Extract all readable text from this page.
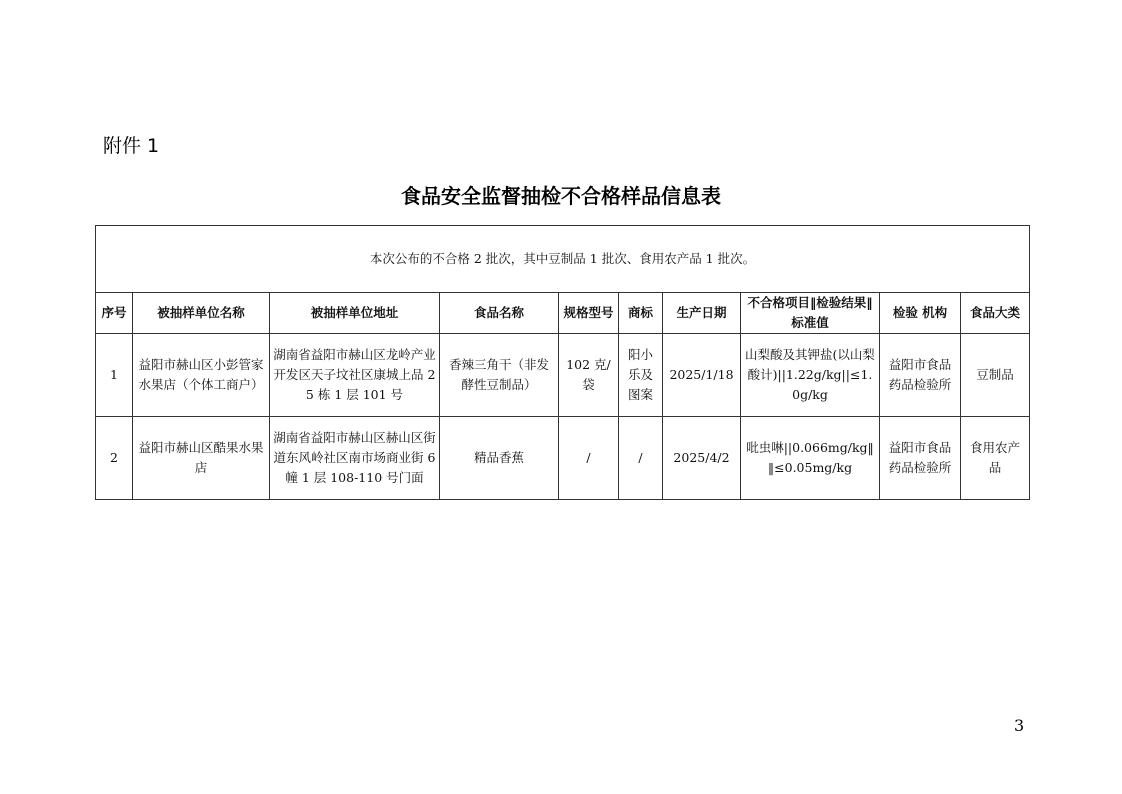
附件 1
食品安全监督抽检不合格样品信息表
本次公布的不合格 2 批次，其中豆制品 1 批次、食用农产品 1 批次。									
序号	被抽样单位名称	被抽样单位地址	食品名称	规格型号	商标	生产日期	不合格项目‖检验结果‖标准值	检验 机构	食品大类
1	益阳市赫山区小彭管家水果店（个体工商户）	湖南省益阳市赫山区龙岭产业开发区天子坟社区康城上品 25 栋 1 层 101 号	香辣三角干（非发酵性豆制品）	102 克/袋	阳小乐及图案	2025/1/18	山梨酸及其钾盐(以山梨酸计)||1.22g/kg||≤1.0g/kg	益阳市食品药品检验所	豆制品
2	益阳市赫山区酷果水果店	湖南省益阳市赫山区赫山区街道东风岭社区南市场商业街 6 幢 1 层 108-110 号门面	精品香蕉	/	/	2025/4/2	吡虫啉||0.066mg/kg‖‖≤0.05mg/kg	益阳市食品药品检验所	食用农产品
3
